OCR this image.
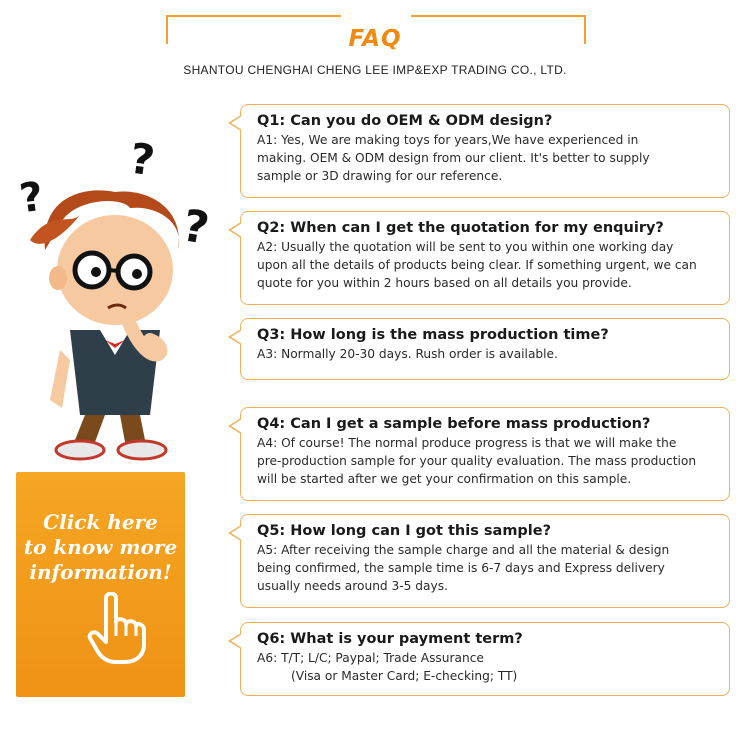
FAQ
SHANTOU CHENGHAI CHENG LEE IMP&EXP TRADING CO., LTD.
?
?
?
Click here
to know more
information!
Q1: Can you do OEM & ODM design?
A1: Yes, We are making toys for years,We have experienced in
making. OEM & ODM design from our client. It's better to supply
sample or 3D drawing for our reference.
Q2: When can I get the quotation for my enquiry?
A2: Usually the quotation will be sent to you within one working day
upon all the details of products being clear. If something urgent, we can
quote for you within 2 hours based on all details you provide.
Q3: How long is the mass production time?
A3: Normally 20-30 days. Rush order is available.
Q4: Can I get a sample before mass production?
A4: Of course! The normal produce progress is that we will make the
pre-production sample for your quality evaluation. The mass production
will be started after we get your confirmation on this sample.
Q5: How long can I got this sample?
A5: After receiving the sample charge and all the material & design
being confirmed, the sample time is 6-7 days and Express delivery
usually needs around 3-5 days.
Q6: What is your payment term?
A6: T/T; L/C; Paypal; Trade Assurance
(Visa or Master Card; E-checking; TT)
